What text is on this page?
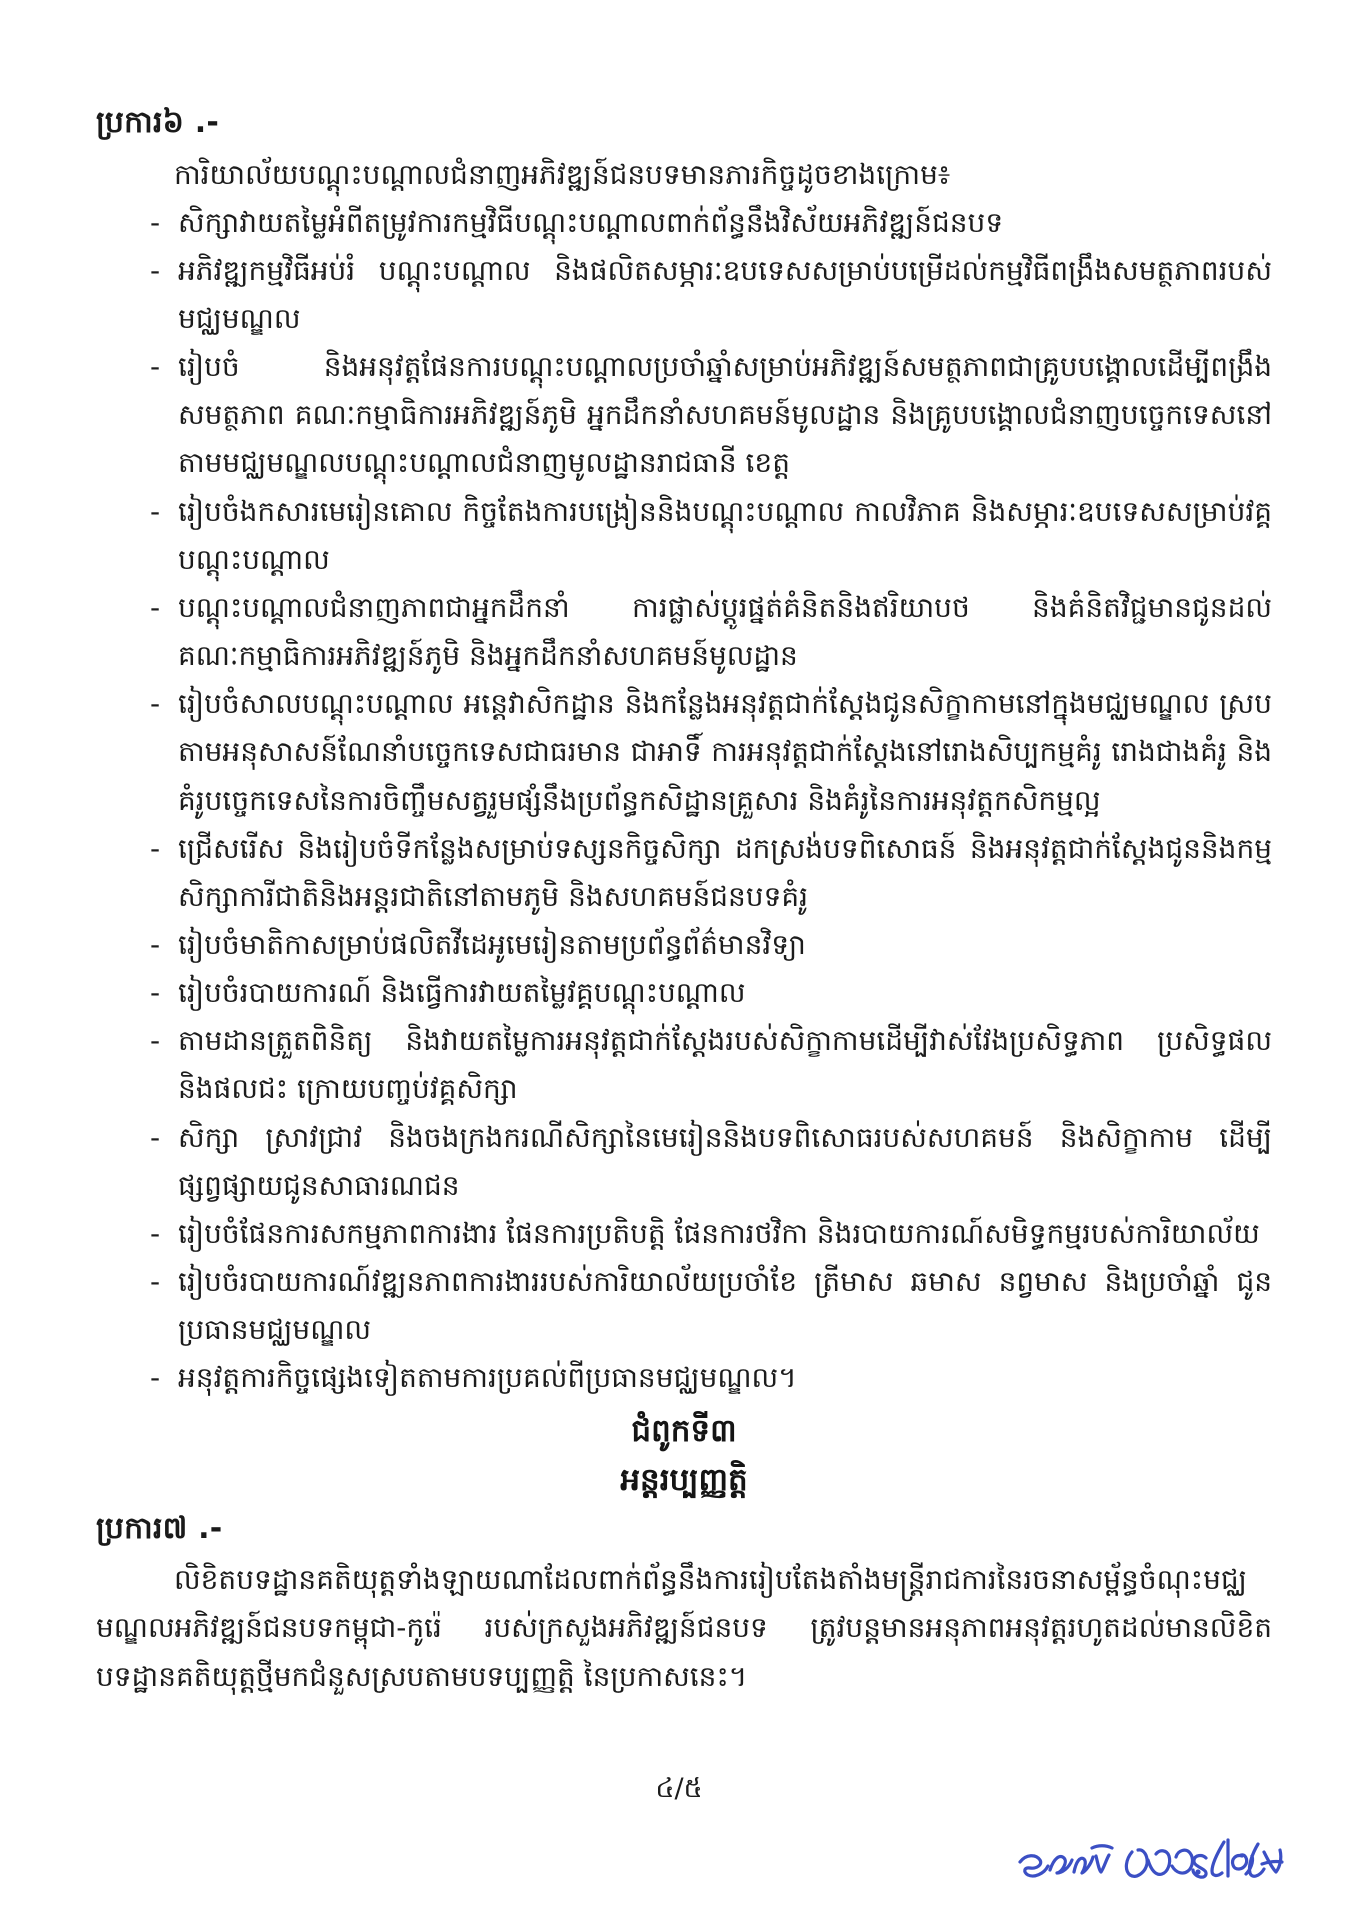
ប្រការ៦ .-

ការិយាល័យបណ្ដុះបណ្ដាលជំនាញអភិវឌ្ឍន៍ជនបទមានភារកិច្ចដូចខាងក្រោម៖

- សិក្សាវាយតម្លៃអំពីតម្រូវការកម្មវិធីបណ្ដុះបណ្ដាលពាក់ព័ន្ធនឹងវិស័យអភិវឌ្ឍន៍ជនបទ
- អភិវឌ្ឍកម្មវិធីអប់រំ បណ្ដុះបណ្ដាល និងផលិតសម្ភារៈឧបទេសសម្រាប់បម្រើដល់កម្មវិធីពង្រឹងសមត្ថភាពរបស់មជ្ឈមណ្ឌល
- រៀបចំ និងអនុវត្តផែនការបណ្ដុះបណ្ដាលប្រចាំឆ្នាំសម្រាប់អភិវឌ្ឍន៍សមត្ថភាពជាគ្រូបបង្គោលដើម្បីពង្រឹងសមត្ថភាព គណៈកម្មាធិការអភិវឌ្ឍន៍ភូមិ អ្នកដឹកនាំសហគមន៍មូលដ្ឋាន និងគ្រូបបង្គោលជំនាញបច្ចេកទេសនៅតាមមជ្ឈមណ្ឌលបណ្ដុះបណ្ដាលជំនាញមូលដ្ឋានរាជធានី ខេត្ត
- រៀបចំងកសារមេរៀនគោល កិច្ចតែងការបង្រៀននិងបណ្ដុះបណ្ដាល កាលវិភាគ និងសម្ភារៈឧបទេសសម្រាប់វគ្គបណ្ដុះបណ្ដាល
- បណ្ដុះបណ្ដាលជំនាញភាពជាអ្នកដឹកនាំ ការផ្លាស់ប្ដូរផ្នត់គំនិតនិងឥរិយាបថ និងគំនិតវិជ្ជមានជូនដល់គណៈកម្មាធិការអភិវឌ្ឍន៍ភូមិ និងអ្នកដឹកនាំសហគមន៍មូលដ្ឋាន
- រៀបចំសាលបណ្ដុះបណ្ដាល អន្តេវាសិកដ្ឋាន និងកន្លែងអនុវត្តជាក់ស្ដែងជូនសិក្ខាកាមនៅក្នុងមជ្ឈមណ្ឌល ស្របតាមអនុសាសន៍ណែនាំបច្ចេកទេសជាធរមាន ជាអាទិ៍ ការអនុវត្តជាក់ស្ដែងនៅរោងសិប្បកម្មគំរូ រោងជាងគំរូ និងគំរូបច្ចេកទេសនៃការចិញ្ចឹមសត្វរួមផ្សំនឹងប្រព័ន្ធកសិដ្ឋានគ្រួសារ និងគំរូនៃការអនុវត្តកសិកម្មល្អ
- ជ្រើសរើស និងរៀបចំទីកន្លែងសម្រាប់ទស្សនកិច្ចសិក្សា ដកស្រង់បទពិសោធន៍ និងអនុវត្តជាក់ស្ដែងជូននិងកម្មសិក្សាការីជាតិនិងអន្តរជាតិនៅតាមភូមិ និងសហគមន៍ជនបទគំរូ
- រៀបចំមាតិកាសម្រាប់ផលិតវីដេអូមេរៀនតាមប្រព័ន្ធព័ត៌មានវិទ្យា
- រៀបចំរបាយការណ៍ និងធ្វើការវាយតម្លៃវគ្គបណ្ដុះបណ្ដាល
- តាមដានត្រួតពិនិត្យ និងវាយតម្លៃការអនុវត្តជាក់ស្ដែងរបស់សិក្ខាកាមដើម្បីវាស់វែងប្រសិទ្ធភាព ប្រសិទ្ធផល និងផលជះ ក្រោយបញ្ចប់វគ្គសិក្សា
- សិក្សា ស្រាវជ្រាវ និងចងក្រងករណីសិក្សានៃមេរៀននិងបទពិសោធរបស់សហគមន៍ និងសិក្ខាកាម ដើម្បីផ្សព្វផ្សាយជូនសាធារណជន
- រៀបចំផែនការសកម្មភាពការងារ ផែនការប្រតិបត្តិ ផែនការថវិកា និងរបាយការណ៍សមិទ្ធកម្មរបស់ការិយាល័យ
- រៀបចំរបាយការណ៍វឌ្ឍនភាពការងាររបស់ការិយាល័យប្រចាំខែ ត្រីមាស ឆមាស នព្វមាស និងប្រចាំឆ្នាំ ជូនប្រធានមជ្ឈមណ្ឌល
- អនុវត្តការកិច្ចផ្សេងទៀតតាមការប្រគល់ពីប្រធានមជ្ឈមណ្ឌល។
ជំពូកទី៣
អន្តរប្បញ្ញត្តិ
ប្រការ៧ .-

លិខិតបទដ្ឋានគតិយុត្តទាំងឡាយណាដែលពាក់ព័ន្ធនឹងការរៀបតែងតាំងមន្ត្រីរាជការនៃរចនាសម្ព័ន្ធចំណុះមជ្ឈមណ្ឌលអភិវឌ្ឍន៍ជនបទកម្ពុជា-កូរ៉េ របស់ក្រសួងអភិវឌ្ឍន៍ជនបទ ត្រូវបន្តមានអនុភាពអនុវត្តរហូតដល់មានលិខិតបទដ្ឋានគតិយុត្តថ្មីមកជំនួសស្របតាមបទប្បញ្ញត្តិ នៃប្រកាសនេះ។

៤/៥
